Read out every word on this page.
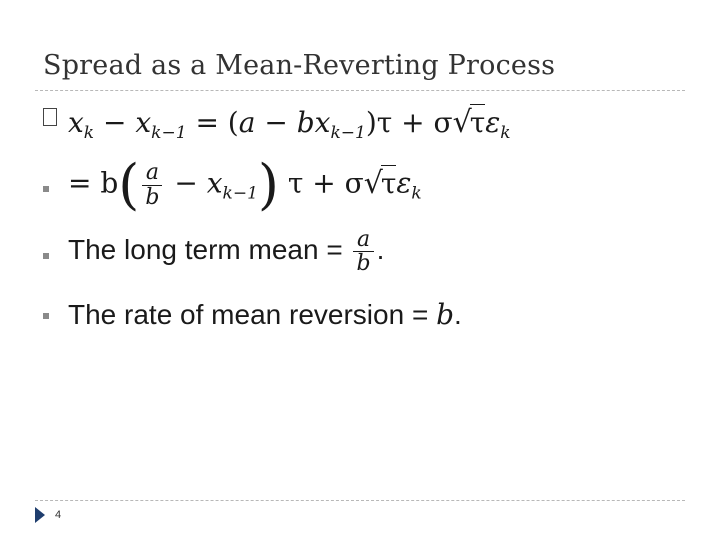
Spread as a Mean-Reverting Process
$x_k - x_{k-1} = (a - bx_{k-1})\tau + \sigma√\tau\varepsilon_k$
= $b( \frac{a}{b} - x_{k-1})$ $\tau + \sigma√\tau\varepsilon_k$
The long term mean = $\frac{a}{b}$ .
The rate of mean reversion = b.
4
